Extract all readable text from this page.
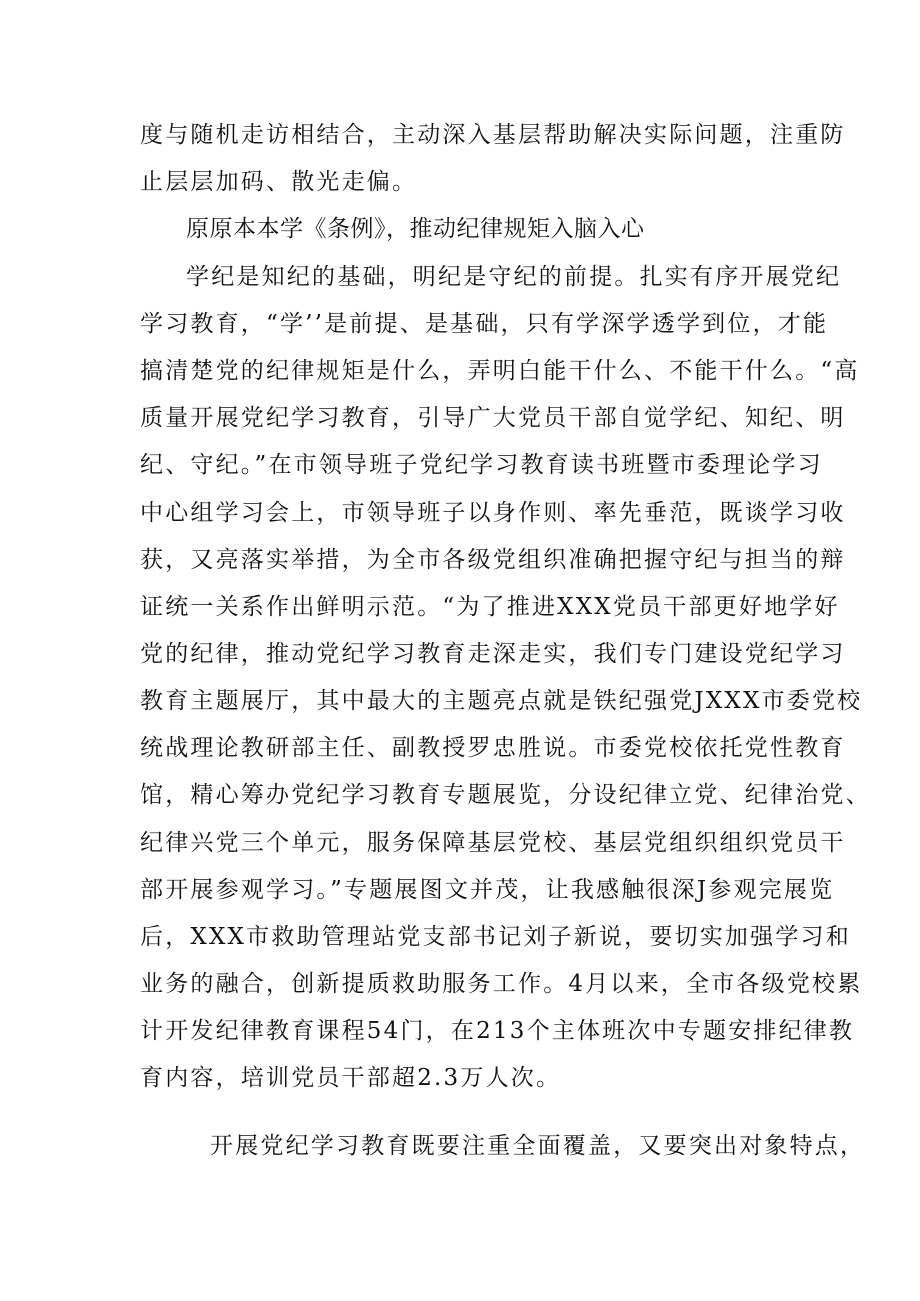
度与随机走访相结合，主动深入基层帮助解决实际问题，注重防
止层层加码、散光走偏。
原原本本学《条例》，推动纪律规矩入脑入心
学纪是知纪的基础，明纪是守纪的前提。扎实有序开展党纪
学习教育，“学’’是前提、是基础，只有学深学透学到位，才能
搞清楚党的纪律规矩是什么，弄明白能干什么、不能干什么。“高
质量开展党纪学习教育，引导广大党员干部自觉学纪、知纪、明
纪、守纪。”在市领导班子党纪学习教育读书班暨市委理论学习
中心组学习会上，市领导班子以身作则、率先垂范，既谈学习收
获，又亮落实举措，为全市各级党组织准确把握守纪与担当的辩
证统一关系作出鲜明示范。“为了推进XXX党员干部更好地学好
党的纪律，推动党纪学习教育走深走实，我们专门建设党纪学习
教育主题展厅，其中最大的主题亮点就是铁纪强党JXXX市委党校
统战理论教研部主任、副教授罗忠胜说。市委党校依托党性教育
馆，精心筹办党纪学习教育专题展览，分设纪律立党、纪律治党、
纪律兴党三个单元，服务保障基层党校、基层党组织组织党员干
部开展参观学习。”专题展图文并茂，让我感触很深J参观完展览
后，XXX市救助管理站党支部书记刘子新说，要切实加强学习和
业务的融合，创新提质救助服务工作。4月以来，全市各级党校累
计开发纪律教育课程54门，在213个主体班次中专题安排纪律教
育内容，培训党员干部超2.3万人次。
开展党纪学习教育既要注重全面覆盖，又要突出对象特点，
